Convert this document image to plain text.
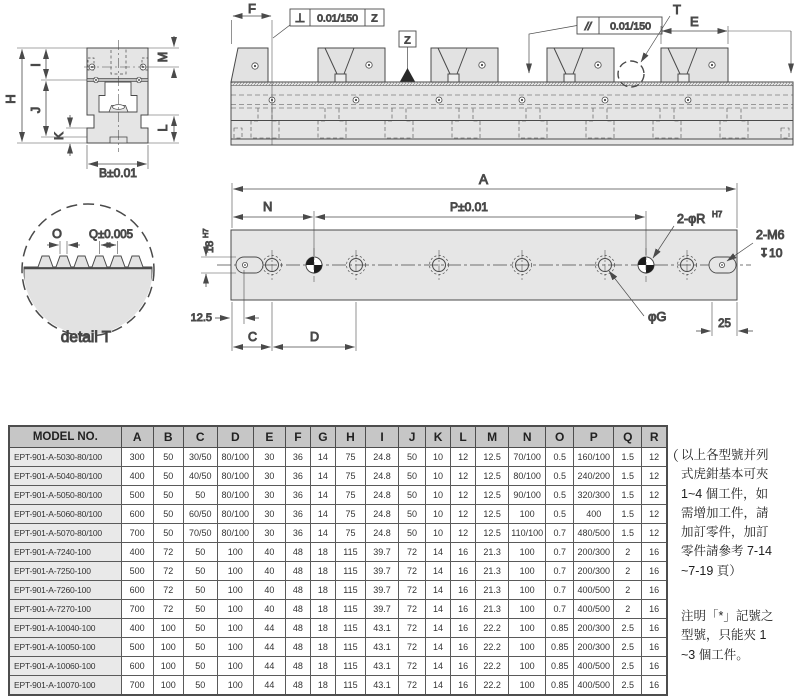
F
⊥ 0.01/150 Z
Z
// 0.01/150
T
E
H
I
J
K
M
L
B±0.01	A
N	P±0.01
18
H7
12.5
C	D
25
φG
2-φR H7
2-M6
↧10
O Q±0.005
detail T
MODEL NO.	A	B	C	D	E	F	G	H	I	J	K	L	M	N	O	P	Q	R
EPT-901-A-5030-80/100	300	50	30/50	80/100	30	36	14	75	24.8	50	10	12	12.5	70/100	0.5	160/100	1.5	12
EPT-901-A-5040-80/100	400	50	40/50	80/100	30	36	14	75	24.8	50	10	12	12.5	80/100	0.5	240/200	1.5	12
EPT-901-A-5050-80/100	500	50	50	80/100	30	36	14	75	24.8	50	10	12	12.5	90/100	0.5	320/300	1.5	12
EPT-901-A-5060-80/100	600	50	60/50	80/100	30	36	14	75	24.8	50	10	12	12.5	100	0.5	400	1.5	12
EPT-901-A-5070-80/100	700	50	70/50	80/100	30	36	14	75	24.8	50	10	12	12.5	110/100	0.7	480/500	1.5	12
EPT-901-A-7240-100	400	72	50	100	40	48	18	115	39.7	72	14	16	21.3	100	0.7	200/300	2	16
EPT-901-A-7250-100	500	72	50	100	40	48	18	115	39.7	72	14	16	21.3	100	0.7	200/300	2	16
EPT-901-A-7260-100	600	72	50	100	40	48	18	115	39.7	72	14	16	21.3	100	0.7	400/500	2	16
EPT-901-A-7270-100	700	72	50	100	40	48	18	115	39.7	72	14	16	21.3	100	0.7	400/500	2	16
EPT-901-A-10040-100	400	100	50	100	44	48	18	115	43.1	72	14	16	22.2	100	0.85	200/300	2.5	16
EPT-901-A-10050-100	500	100	50	100	44	48	18	115	43.1	72	14	16	22.2	100	0.85	200/300	2.5	16
EPT-901-A-10060-100	600	100	50	100	44	48	18	115	43.1	72	14	16	22.2	100	0.85	400/500	2.5	16
EPT-901-A-10070-100	700	100	50	100	44	48	18	115	43.1	72	14	16	22.2	100	0.85	400/500	2.5	16
（ 以上各型號并列
式虎鉗基本可夾
1~4 個工件，如
需增加工件，請
加訂零件，加訂
零件請參考 7-14
~7-19 頁）
注明「*」記號之
型號，只能夾 1
~3 個工件。
